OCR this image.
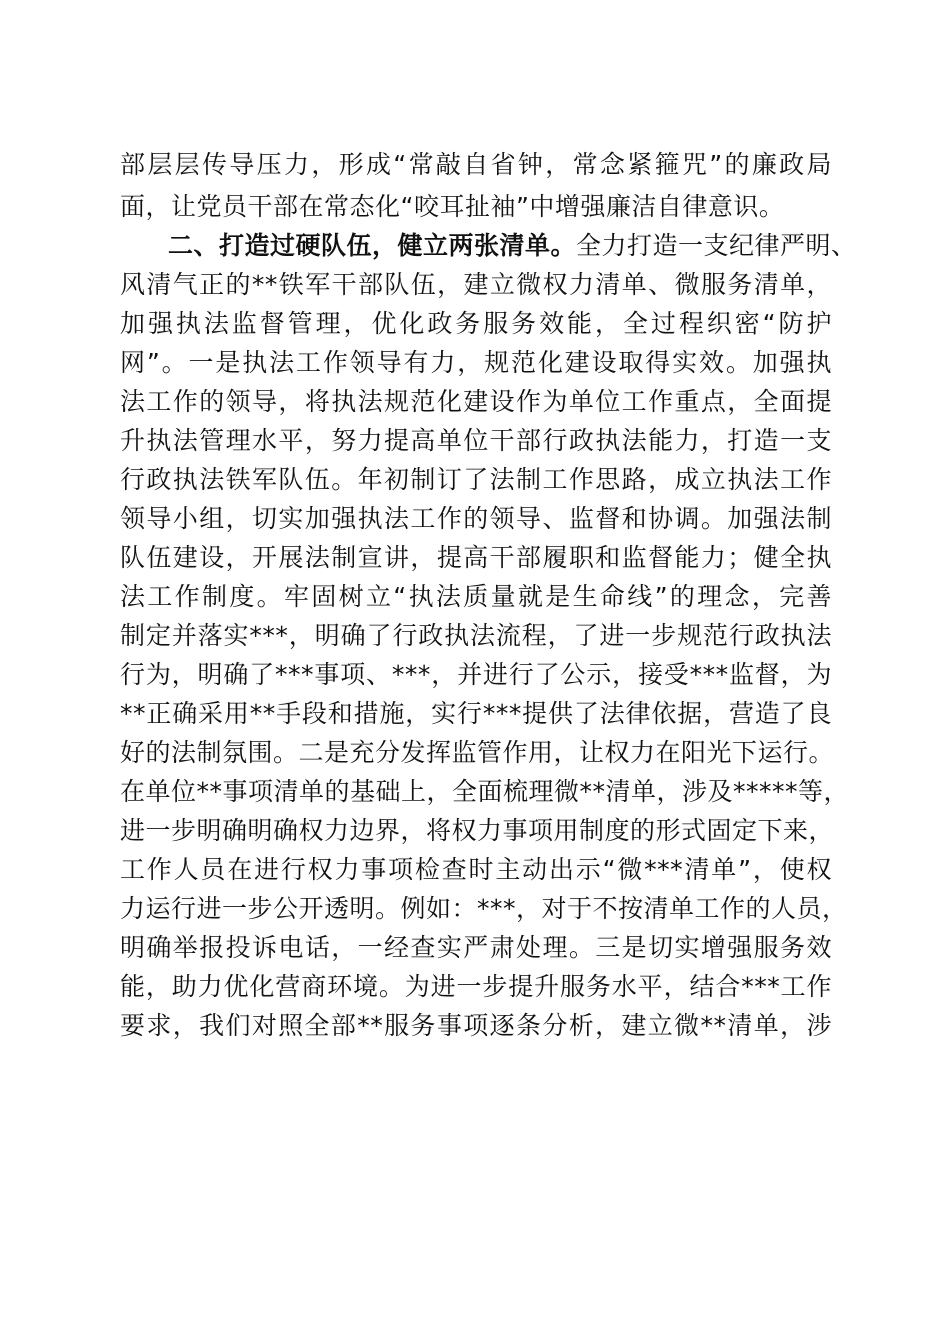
部层层传导压力，形成“常敲自省钟，常念紧箍咒”的廉政局
面，让党员干部在常态化“咬耳扯袖”中增强廉洁自律意识。
二、打造过硬队伍，健立两张清单。全力打造一支纪律严明、
风清气正的**铁军干部队伍，建立微权力清单、微服务清单，
加强执法监督管理，优化政务服务效能，全过程织密“防护
网”。一是执法工作领导有力，规范化建设取得实效。加强执
法工作的领导，将执法规范化建设作为单位工作重点，全面提
升执法管理水平，努力提高单位干部行政执法能力，打造一支
行政执法铁军队伍。年初制订了法制工作思路，成立执法工作
领导小组，切实加强执法工作的领导、监督和协调。加强法制
队伍建设，开展法制宣讲，提高干部履职和监督能力；健全执
法工作制度。牢固树立“执法质量就是生命线”的理念，完善
制定并落实***，明确了行政执法流程，了进一步规范行政执法
行为，明确了***事项、***，并进行了公示，接受***监督，为
**正确采用**手段和措施，实行***提供了法律依据，营造了良
好的法制氛围。二是充分发挥监管作用，让权力在阳光下运行。
在单位**事项清单的基础上，全面梳理微**清单，涉及*****等，
进一步明确明确权力边界，将权力事项用制度的形式固定下来，
工作人员在进行权力事项检查时主动出示“微***清单”，使权
力运行进一步公开透明。例如：***，对于不按清单工作的人员，
明确举报投诉电话，一经查实严肃处理。三是切实增强服务效
能，助力优化营商环境。为进一步提升服务水平，结合***工作
要求，我们对照全部**服务事项逐条分析，建立微**清单，涉
